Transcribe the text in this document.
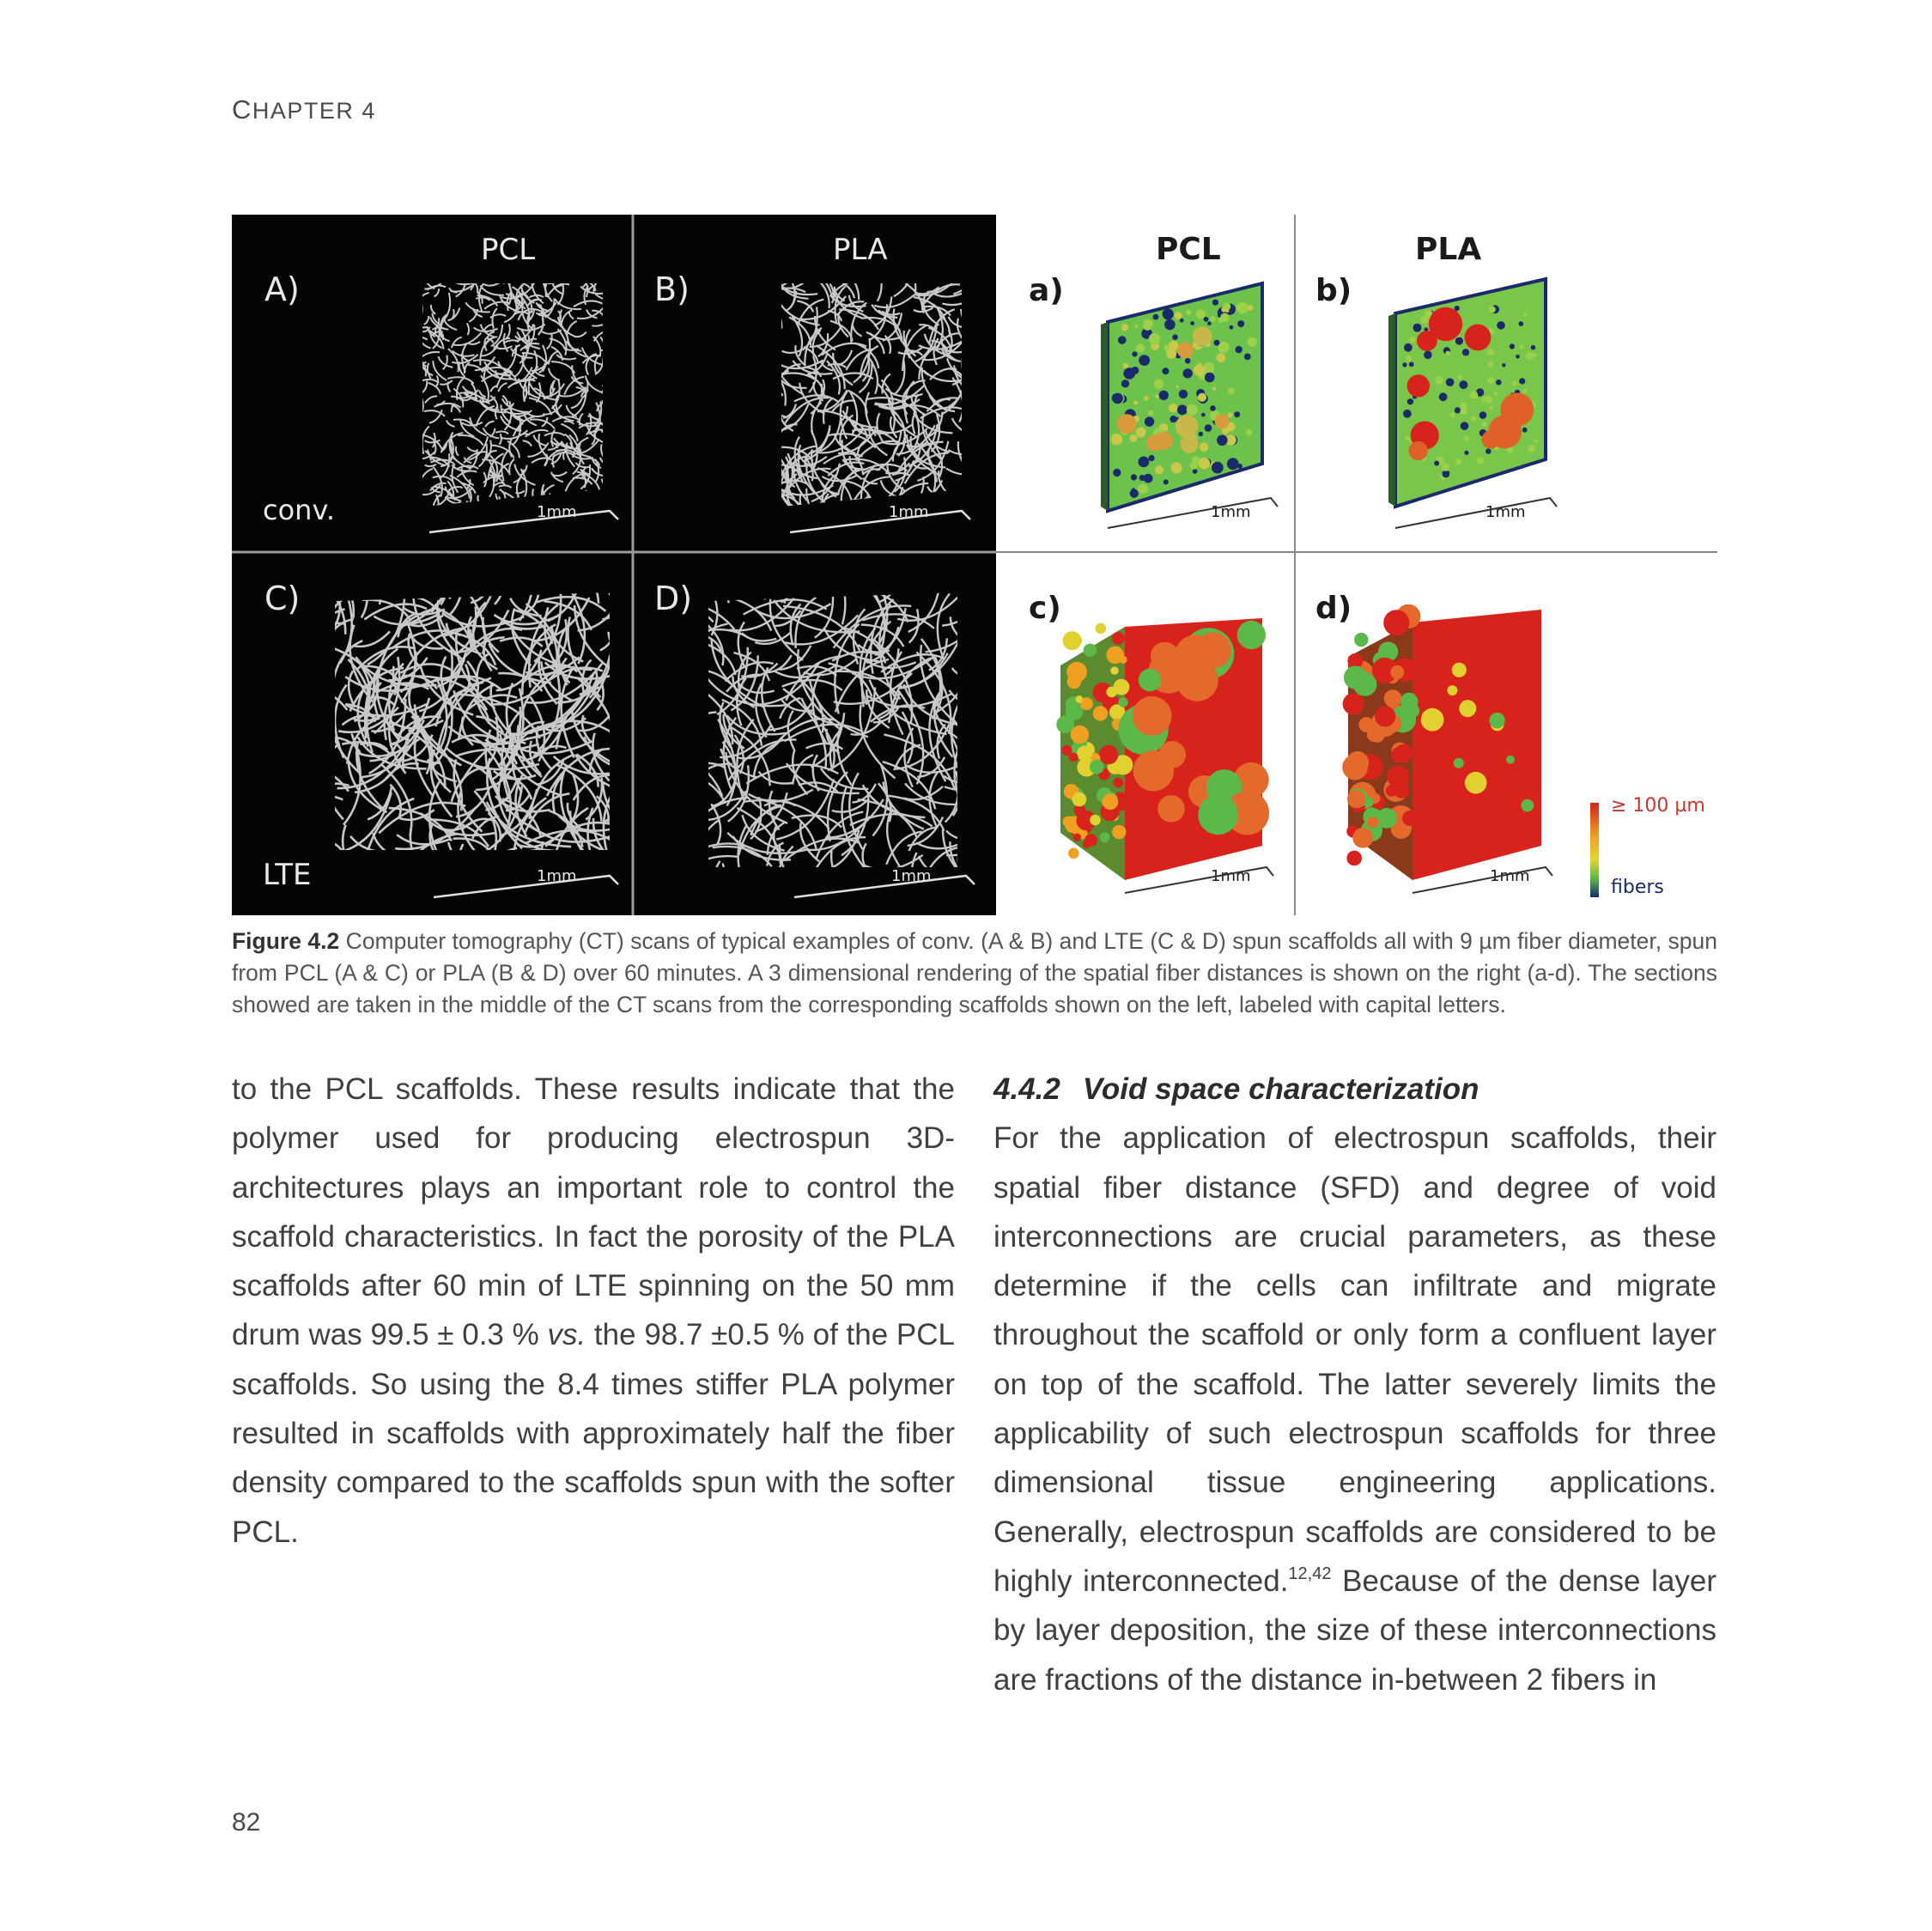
CHAPTER 4
PCL	PLA
A)	B)
C)	D)
conv.
LTE
1mm	1mm
1mm	1mm
PCL	PLA
a)	b)
c)	d)
1mm	1mm
1mm	1mm
≥ 100 µm
fibers
Figure 4.2 Computer tomography (CT) scans of typical examples of conv. (A & B) and LTE (C & D) spun scaffolds all with 9 µm fiber diameter, spun from PCL (A & C) or PLA (B & D) over 60 minutes. A 3 dimensional rendering of the spatial fiber distances is shown on the right (a-d). The sections showed are taken in the middle of the CT scans from the corresponding scaffolds shown on the left, labeled with capital letters.

to the PCL scaffolds. These results indicate that the polymer used for producing electrospun 3D-architectures plays an important role to control the scaffold characteristics. In fact the porosity of the PLA scaffolds after 60 min of LTE spinning on the 50 mm drum was 99.5 ± 0.3 % vs. the 98.7 ±0.5 % of the PCL scaffolds. So using the 8.4 times stiffer PLA polymer resulted in scaffolds with approximately half the fiber density compared to the scaffolds spun with the softer PCL.

4.4.2 Void space characterization

For the application of electrospun scaffolds, their spatial fiber distance (SFD) and degree of void interconnections are crucial parameters, as these determine if the cells can infiltrate and migrate throughout the scaffold or only form a confluent layer on top of the scaffold. The latter severely limits the applicability of such electrospun scaffolds for three dimensional tissue engineering applications. Generally, electrospun scaffolds are considered to be highly interconnected.$^{12,42}$ Because of the dense layer by layer deposition, the size of these interconnections are fractions of the distance in-between 2 fibers in

82
